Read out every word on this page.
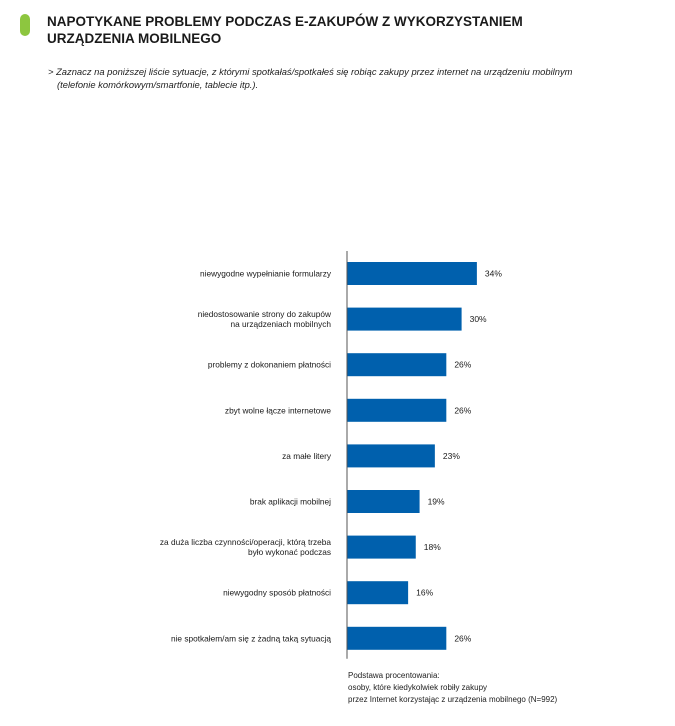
NAPOTYKANE PROBLEMY PODCZAS E-ZAKUPÓW Z WYKORZYSTANIEM
URZĄDZENIA MOBILNEGO
> Zaznacz na poniższej liście sytuacje, z którymi spotkałaś/spotkałeś się robiąc zakupy przez internet na urządzeniu mobilnym
(telefonie komórkowym/smartfonie, tablecie itp.).
34%
niewygodne wypełnianie formularzy
30%
niedostosowanie strony do zakupów na urządzeniach mobilnych
26%
problemy z dokonaniem płatności
26%
zbyt wolne łącze internetowe
23%
za małe litery
19%
brak aplikacji mobilnej
18%
za duża liczba czynności/operacji, którą trzeba było wykonać podczas
16%
niewygodny sposób płatności
26%
nie spotkałem/am się z żadną taką sytuacją
Podstawa procentowania:
osoby, które kiedykolwiek robiły zakupy
przez Internet korzystając z urządzenia mobilnego (N=992)
